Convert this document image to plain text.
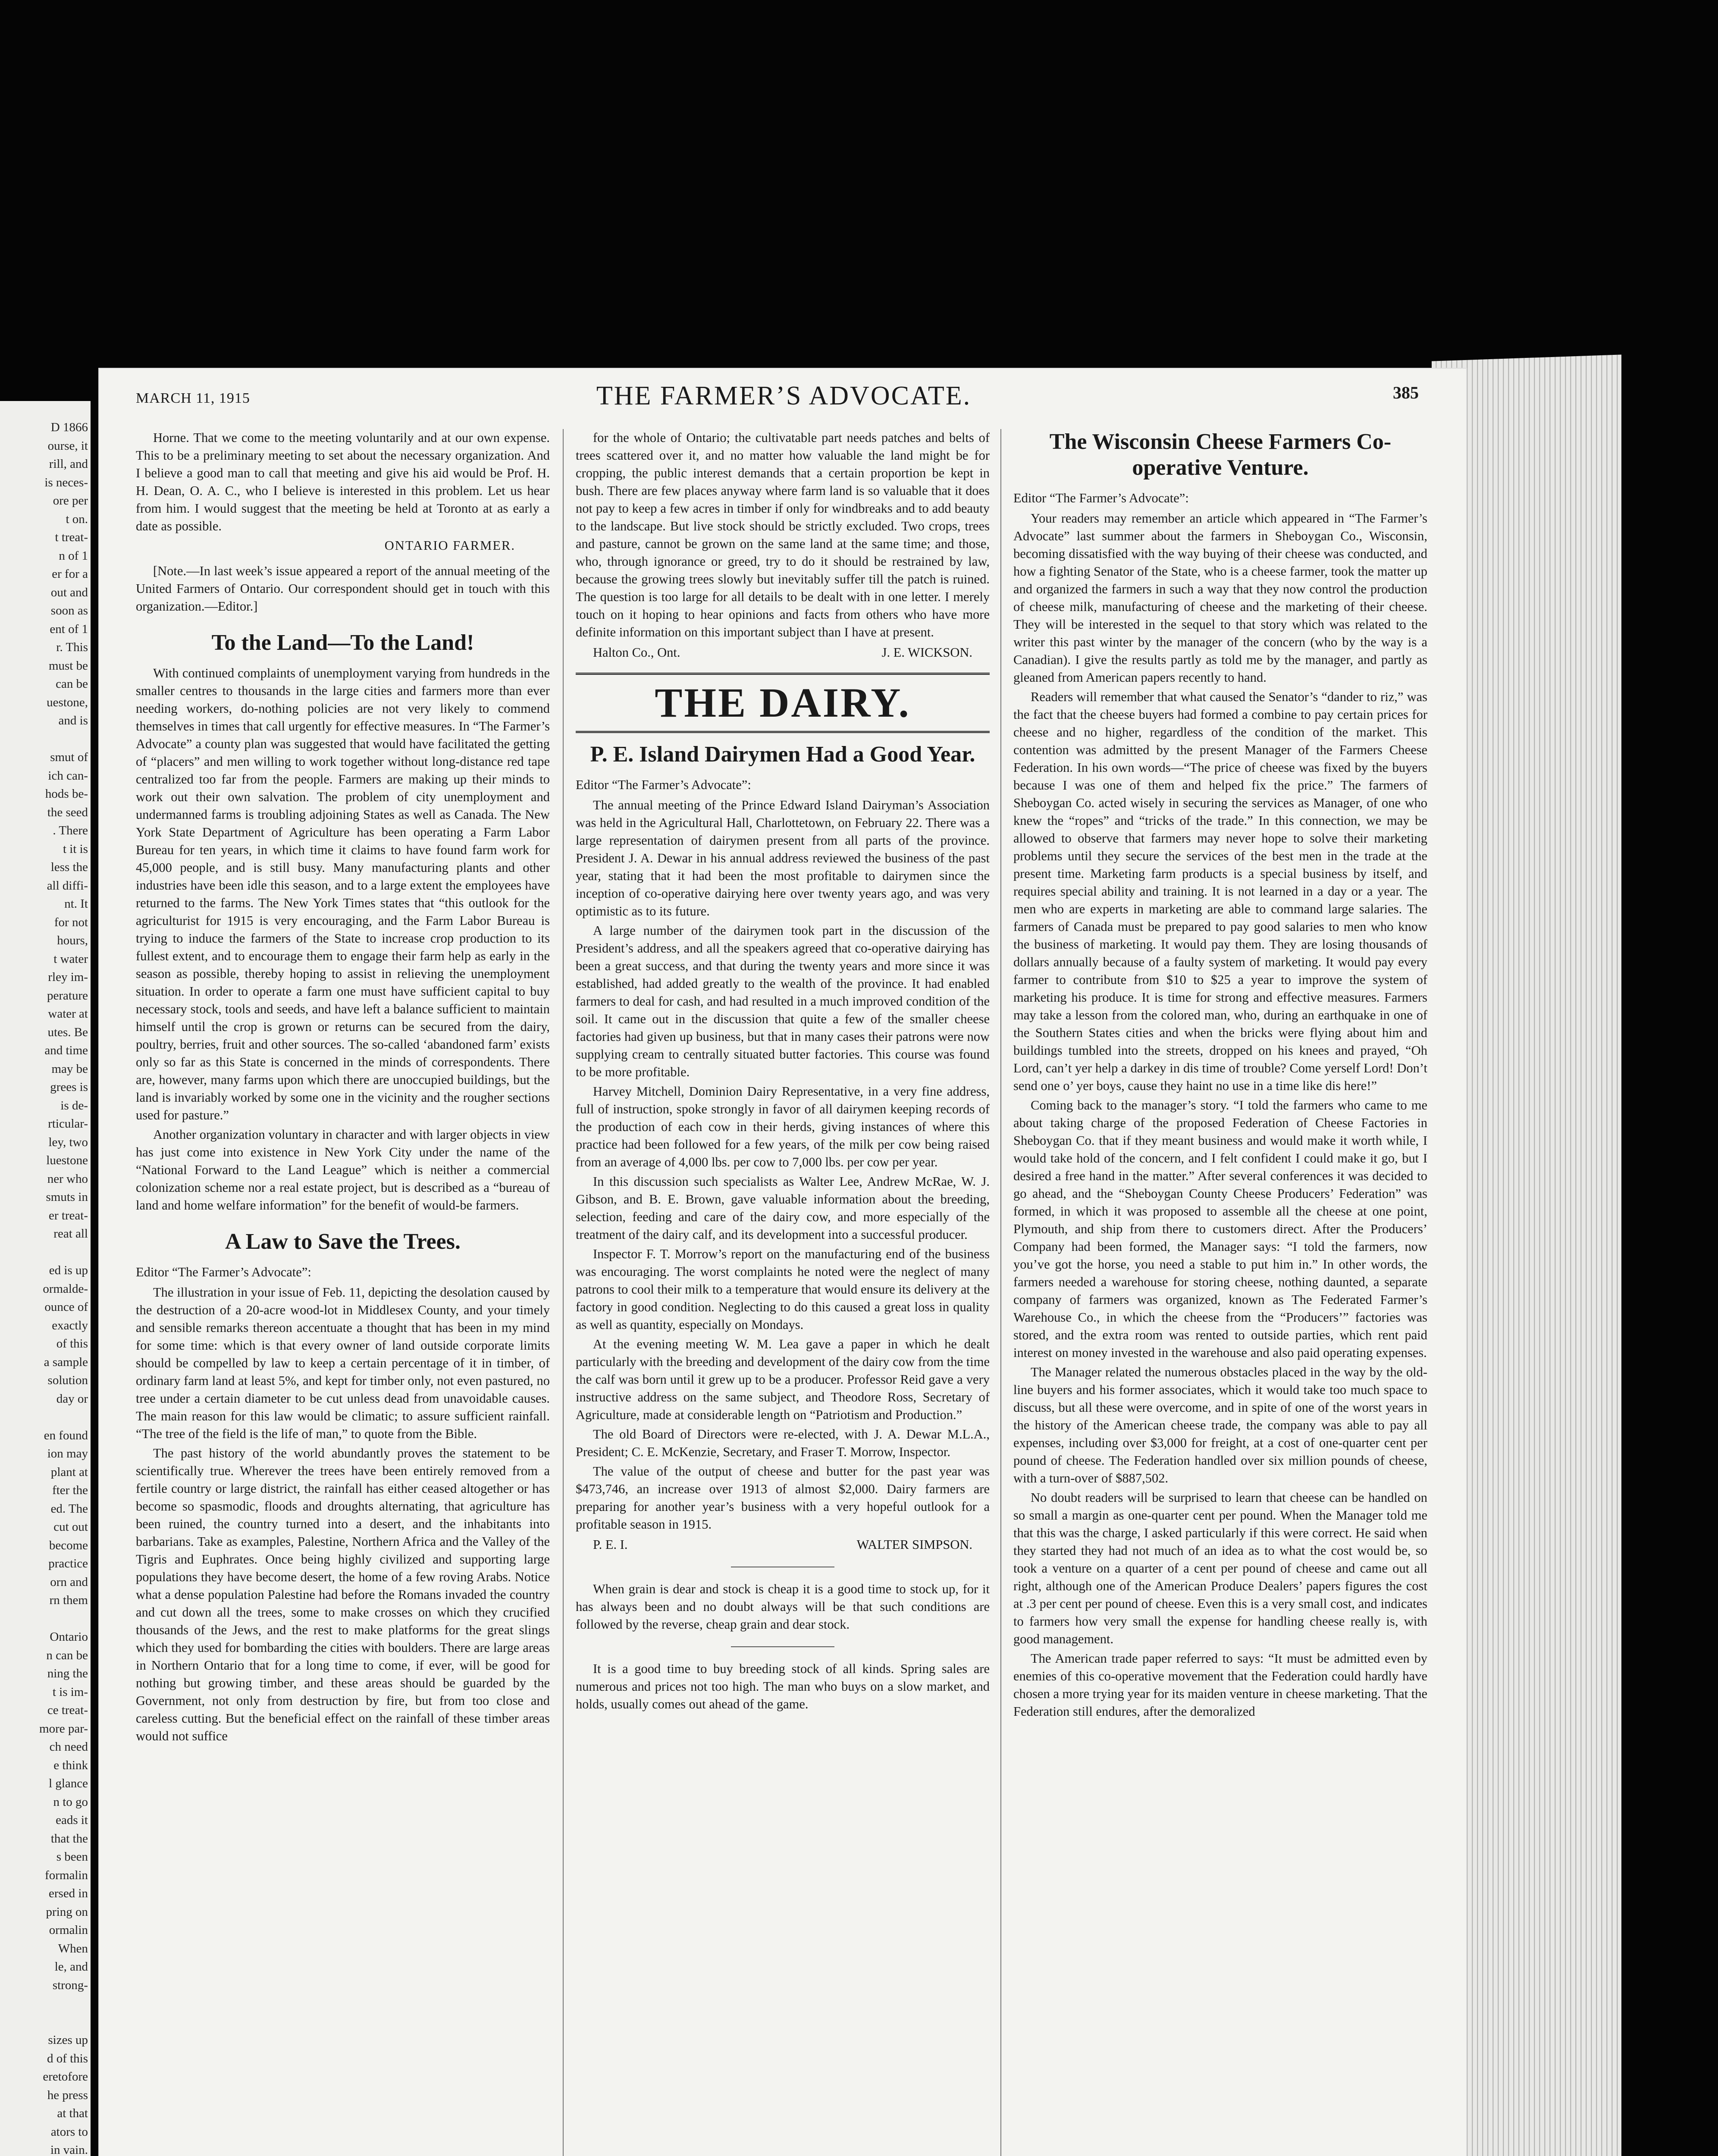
D 1866
ourse, it
rill, and
is neces-
ore per
t on.
t treat-
n of 1
er for a
out and
soon as
ent of 1
r. This
must be
can be
uestone,
and is

smut of
ich can-
hods be-
the seed
. There
t it is
less the
all diffi-
nt. It
for not
hours,
t water
rley im-
perature
water at
utes. Be
and time
may be
grees is
is de-
rticular-
ley, two
luestone
ner who
smuts in
er treat-
reat all

ed is up
ormalde-
ounce of
exactly
of this
a sample
solution
day or

en found
ion may
plant at
fter the
ed. The
cut out
become
practice
orn and
rn them

Ontario
n can be
ning the
t is im-
ce treat-
more par-
ch need
e think
l glance
n to go
eads it
that the
s been
formalin
ersed in
pring on
ormalin
When
le, and
strong-

sizes up
d of this
eretofore
he press
at that
ators to
in vain.

MARCH 11, 1915	THE FARMER’S ADVOCATE.	385

Horne. That we come to the meeting voluntarily and at our own expense. This to be a preliminary meeting to set about the necessary organization. And I believe a good man to call that meeting and give his aid would be Prof. H. H. Dean, O. A. C., who I believe is interested in this problem. Let us hear from him. I would suggest that the meeting be held at Toronto at as early a date as possible.

ONTARIO FARMER.

[Note.—In last week’s issue appeared a report of the annual meeting of the United Farmers of Ontario. Our correspondent should get in touch with this organization.—Editor.]

To the Land—To the Land!

With continued complaints of unemployment varying from hundreds in the smaller centres to thousands in the large cities and farmers more than ever needing workers, do-nothing policies are not very likely to commend themselves in times that call urgently for effective measures. In “The Farmer’s Advocate” a county plan was suggested that would have facilitated the getting of “placers” and men willing to work together without long-distance red tape centralized too far from the people. Farmers are making up their minds to work out their own salvation. The problem of city unemployment and undermanned farms is troubling adjoining States as well as Canada. The New York State Department of Agriculture has been operating a Farm Labor Bureau for ten years, in which time it claims to have found farm work for 45,000 people, and is still busy. Many manufacturing plants and other industries have been idle this season, and to a large extent the employees have returned to the farms. The New York Times states that “this outlook for the agriculturist for 1915 is very encouraging, and the Farm Labor Bureau is trying to induce the farmers of the State to increase crop production to its fullest extent, and to encourage them to engage their farm help as early in the season as possible, thereby hoping to assist in relieving the unemployment situation. In order to operate a farm one must have sufficient capital to buy necessary stock, tools and seeds, and have left a balance sufficient to maintain himself until the crop is grown or returns can be secured from the dairy, poultry, berries, fruit and other sources. The so-called ‘abandoned farm’ exists only so far as this State is concerned in the minds of correspondents. There are, however, many farms upon which there are unoccupied buildings, but the land is invariably worked by some one in the vicinity and the rougher sections used for pasture.”

Another organization voluntary in character and with larger objects in view has just come into existence in New York City under the name of the “National Forward to the Land League” which is neither a commercial colonization scheme nor a real estate project, but is described as a “bureau of land and home welfare information” for the benefit of would-be farmers.

A Law to Save the Trees.

Editor “The Farmer’s Advocate”:

The illustration in your issue of Feb. 11, depicting the desolation caused by the destruction of a 20-acre wood-lot in Middlesex County, and your timely and sensible remarks thereon accentuate a thought that has been in my mind for some time: which is that every owner of land outside corporate limits should be compelled by law to keep a certain percentage of it in timber, of ordinary farm land at least 5%, and kept for timber only, not even pastured, no tree under a certain diameter to be cut unless dead from unavoidable causes. The main reason for this law would be climatic; to assure sufficient rainfall. “The tree of the field is the life of man,” to quote from the Bible.

The past history of the world abundantly proves the statement to be scientifically true. Wherever the trees have been entirely removed from a fertile country or large district, the rainfall has either ceased altogether or has become so spasmodic, floods and droughts alternating, that agriculture has been ruined, the country turned into a desert, and the inhabitants into barbarians. Take as examples, Palestine, Northern Africa and the Valley of the Tigris and Euphrates. Once being highly civilized and supporting large populations they have become desert, the home of a few roving Arabs. Notice what a dense population Palestine had before the Romans invaded the country and cut down all the trees, some to make crosses on which they crucified thousands of the Jews, and the rest to make platforms for the great slings which they used for bombarding the cities with boulders. There are large areas in Northern Ontario that for a long time to come, if ever, will be good for nothing but growing timber, and these areas should be guarded by the Government, not only from destruction by fire, but from too close and careless cutting. But the beneficial effect on the rainfall of these timber areas would not suffice

for the whole of Ontario; the cultivatable part needs patches and belts of trees scattered over it, and no matter how valuable the land might be for cropping, the public interest demands that a certain proportion be kept in bush. There are few places anyway where farm land is so valuable that it does not pay to keep a few acres in timber if only for windbreaks and to add beauty to the landscape. But live stock should be strictly excluded. Two crops, trees and pasture, cannot be grown on the same land at the same time; and those, who, through ignorance or greed, try to do it should be restrained by law, because the growing trees slowly but inevitably suffer till the patch is ruined. The question is too large for all details to be dealt with in one letter. I merely touch on it hoping to hear opinions and facts from others who have more definite information on this important subject than I have at present.

Halton Co., Ont.	J. E. WICKSON.

THE DAIRY.
P. E. Island Dairymen Had a Good Year.

Editor “The Farmer’s Advocate”:

The annual meeting of the Prince Edward Island Dairyman’s Association was held in the Agricultural Hall, Charlottetown, on February 22. There was a large representation of dairymen present from all parts of the province. President J. A. Dewar in his annual address reviewed the business of the past year, stating that it had been the most profitable to dairymen since the inception of co-operative dairying here over twenty years ago, and was very optimistic as to its future.

A large number of the dairymen took part in the discussion of the President’s address, and all the speakers agreed that co-operative dairying has been a great success, and that during the twenty years and more since it was established, had added greatly to the wealth of the province. It had enabled farmers to deal for cash, and had resulted in a much improved condition of the soil. It came out in the discussion that quite a few of the smaller cheese factories had given up business, but that in many cases their patrons were now supplying cream to centrally situated butter factories. This course was found to be more profitable.

Harvey Mitchell, Dominion Dairy Representative, in a very fine address, full of instruction, spoke strongly in favor of all dairymen keeping records of the production of each cow in their herds, giving instances of where this practice had been followed for a few years, of the milk per cow being raised from an average of 4,000 lbs. per cow to 7,000 lbs. per cow per year.

In this discussion such specialists as Walter Lee, Andrew McRae, W. J. Gibson, and B. E. Brown, gave valuable information about the breeding, selection, feeding and care of the dairy cow, and more especially of the treatment of the dairy calf, and its development into a successful producer.

Inspector F. T. Morrow’s report on the manufacturing end of the business was encouraging. The worst complaints he noted were the neglect of many patrons to cool their milk to a temperature that would ensure its delivery at the factory in good condition. Neglecting to do this caused a great loss in quality as well as quantity, especially on Mondays.

At the evening meeting W. M. Lea gave a paper in which he dealt particularly with the breeding and development of the dairy cow from the time the calf was born until it grew up to be a producer. Professor Reid gave a very instructive address on the same subject, and Theodore Ross, Secretary of Agriculture, made at considerable length on “Patriotism and Production.”

The old Board of Directors were re-elected, with J. A. Dewar M.L.A., President; C. E. McKenzie, Secretary, and Fraser T. Morrow, Inspector.

The value of the output of cheese and butter for the past year was $473,746, an increase over 1913 of almost $2,000. Dairy farmers are preparing for another year’s business with a very hopeful outlook for a profitable season in 1915.

P. E. I.	WALTER SIMPSON.

When grain is dear and stock is cheap it is a good time to stock up, for it has always been and no doubt always will be that such conditions are followed by the reverse, cheap grain and dear stock.

It is a good time to buy breeding stock of all kinds. Spring sales are numerous and prices not too high. The man who buys on a slow market, and holds, usually comes out ahead of the game.

The Wisconsin Cheese Farmers Co-operative Venture.

Editor “The Farmer’s Advocate”:

Your readers may remember an article which appeared in “The Farmer’s Advocate” last summer about the farmers in Sheboygan Co., Wisconsin, becoming dissatisfied with the way buying of their cheese was conducted, and how a fighting Senator of the State, who is a cheese farmer, took the matter up and organized the farmers in such a way that they now control the production of cheese milk, manufacturing of cheese and the marketing of their cheese. They will be interested in the sequel to that story which was related to the writer this past winter by the manager of the concern (who by the way is a Canadian). I give the results partly as told me by the manager, and partly as gleaned from American papers recently to hand.

Readers will remember that what caused the Senator’s “dander to riz,” was the fact that the cheese buyers had formed a combine to pay certain prices for cheese and no higher, regardless of the condition of the market. This contention was admitted by the present Manager of the Farmers Cheese Federation. In his own words—“The price of cheese was fixed by the buyers because I was one of them and helped fix the price.” The farmers of Sheboygan Co. acted wisely in securing the services as Manager, of one who knew the “ropes” and “tricks of the trade.” In this connection, we may be allowed to observe that farmers may never hope to solve their marketing problems until they secure the services of the best men in the trade at the present time. Marketing farm products is a special business by itself, and requires special ability and training. It is not learned in a day or a year. The men who are experts in marketing are able to command large salaries. The farmers of Canada must be prepared to pay good salaries to men who know the business of marketing. It would pay them. They are losing thousands of dollars annually because of a faulty system of marketing. It would pay every farmer to contribute from $10 to $25 a year to improve the system of marketing his produce. It is time for strong and effective measures. Farmers may take a lesson from the colored man, who, during an earthquake in one of the Southern States cities and when the bricks were flying about him and buildings tumbled into the streets, dropped on his knees and prayed, “Oh Lord, can’t yer help a darkey in dis time of trouble? Come yerself Lord! Don’t send one o’ yer boys, cause they haint no use in a time like dis here!”

Coming back to the manager’s story. “I told the farmers who came to me about taking charge of the proposed Federation of Cheese Factories in Sheboygan Co. that if they meant business and would make it worth while, I would take hold of the concern, and I felt confident I could make it go, but I desired a free hand in the matter.” After several conferences it was decided to go ahead, and the “Sheboygan County Cheese Producers’ Federation” was formed, in which it was proposed to assemble all the cheese at one point, Plymouth, and ship from there to customers direct. After the Producers’ Company had been formed, the Manager says: “I told the farmers, now you’ve got the horse, you need a stable to put him in.” In other words, the farmers needed a warehouse for storing cheese, nothing daunted, a separate company of farmers was organized, known as The Federated Farmer’s Warehouse Co., in which the cheese from the “Producers’” factories was stored, and the extra room was rented to outside parties, which rent paid interest on money invested in the warehouse and also paid operating expenses.

The Manager related the numerous obstacles placed in the way by the old-line buyers and his former associates, which it would take too much space to discuss, but all these were overcome, and in spite of one of the worst years in the history of the American cheese trade, the company was able to pay all expenses, including over $3,000 for freight, at a cost of one-quarter cent per pound of cheese. The Federation handled over six million pounds of cheese, with a turn-over of $887,502.

No doubt readers will be surprised to learn that cheese can be handled on so small a margin as one-quarter cent per pound. When the Manager told me that this was the charge, I asked particularly if this were correct. He said when they started they had not much of an idea as to what the cost would be, so took a venture on a quarter of a cent per pound of cheese and came out all right, although one of the American Produce Dealers’ papers figures the cost at .3 per cent per pound of cheese. Even this is a very small cost, and indicates to farmers how very small the expense for handling cheese really is, with good management.

The American trade paper referred to says: “It must be admitted even by enemies of this co-operative movement that the Federation could hardly have chosen a more trying year for its maiden venture in cheese marketing. That the Federation still endures, after the demoralized
